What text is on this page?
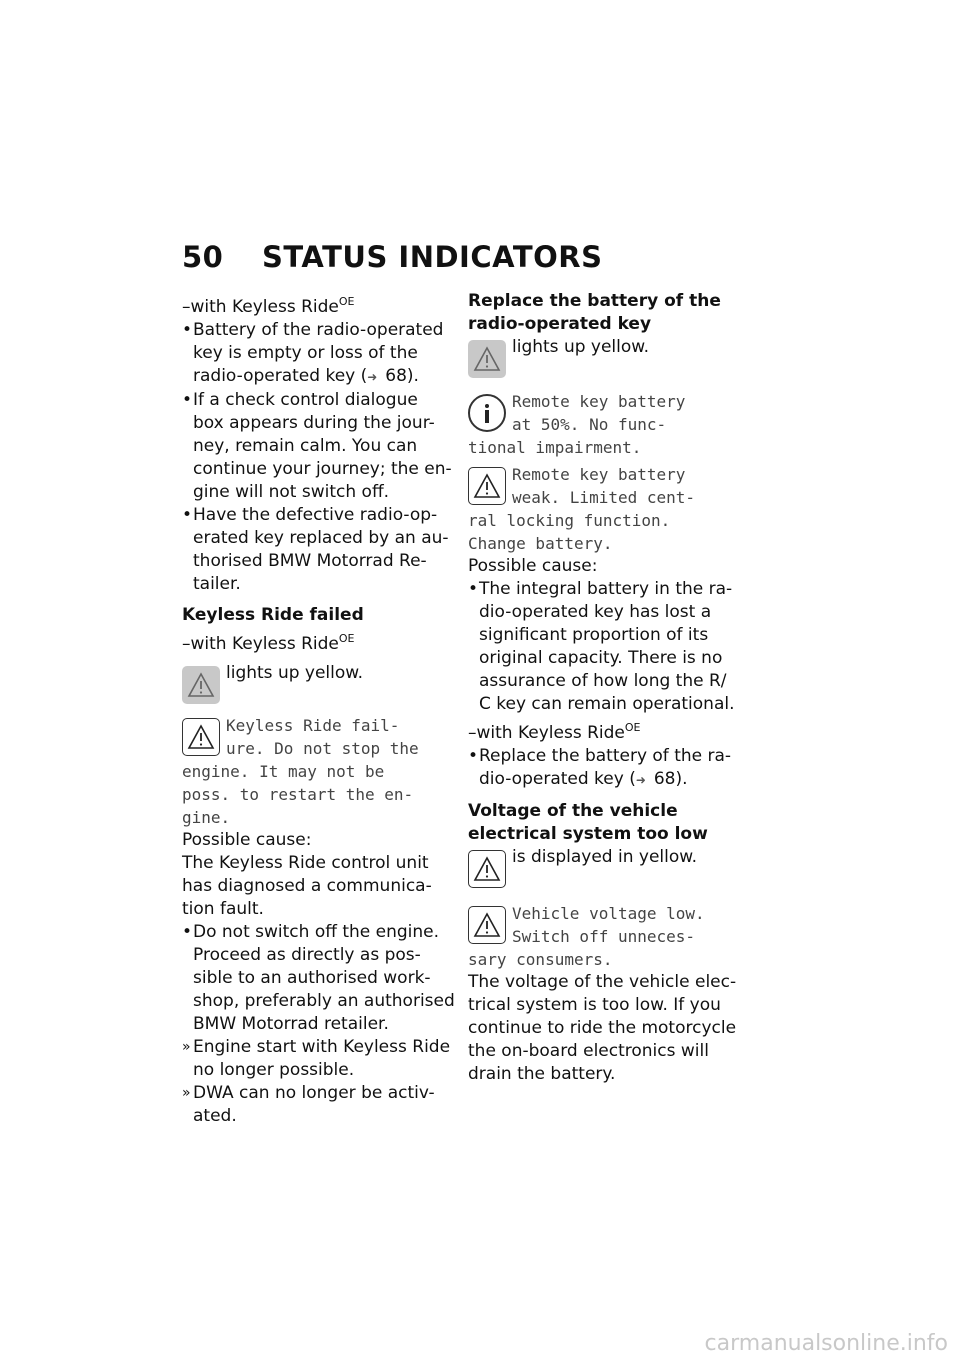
50 STATUS INDICATORS
–with Keyless Ride$^{OE}$
• Battery of the radio-operated
key is empty or loss of the
radio-operated key (➜ 68).
• If a check control dialogue
box appears during the jour-
ney, remain calm. You can
continue your journey; the en-
gine will not switch off.
• Have the defective radio-op-
erated key replaced by an au-
thorised BMW Motorrad Re-
tailer.
Keyless Ride failed
–with Keyless Ride$^{OE}$
lights up yellow.
Keyless Ride fail-
ure. Do not stop the
engine. It may not be
poss. to restart the en-
gine.
Possible cause:
The Keyless Ride control unit
has diagnosed a communica-
tion fault.
• Do not switch off the engine.
Proceed as directly as pos-
sible to an authorised work-
shop, preferably an authorised
BMW Motorrad retailer.
» Engine start with Keyless Ride
no longer possible.
» DWA can no longer be activ-
ated.
Replace the battery of the
radio-operated key
lights up yellow.
Remote key battery
at 50%. No func-
tional impairment.
Remote key battery
weak. Limited cent-
ral locking function.
Change battery.
Possible cause:
• The integral battery in the ra-
dio-operated key has lost a
significant proportion of its
original capacity. There is no
assurance of how long the R/
C key can remain operational.
–with Keyless Ride$^{OE}$
• Replace the battery of the ra-
dio-operated key (➜ 68).
Voltage of the vehicle
electrical system too low
is displayed in yellow.
Vehicle voltage low.
Switch off unneces-
sary consumers.
The voltage of the vehicle elec-
trical system is too low. If you
continue to ride the motorcycle
the on-board electronics will
drain the battery.
carmanualsonline.info
